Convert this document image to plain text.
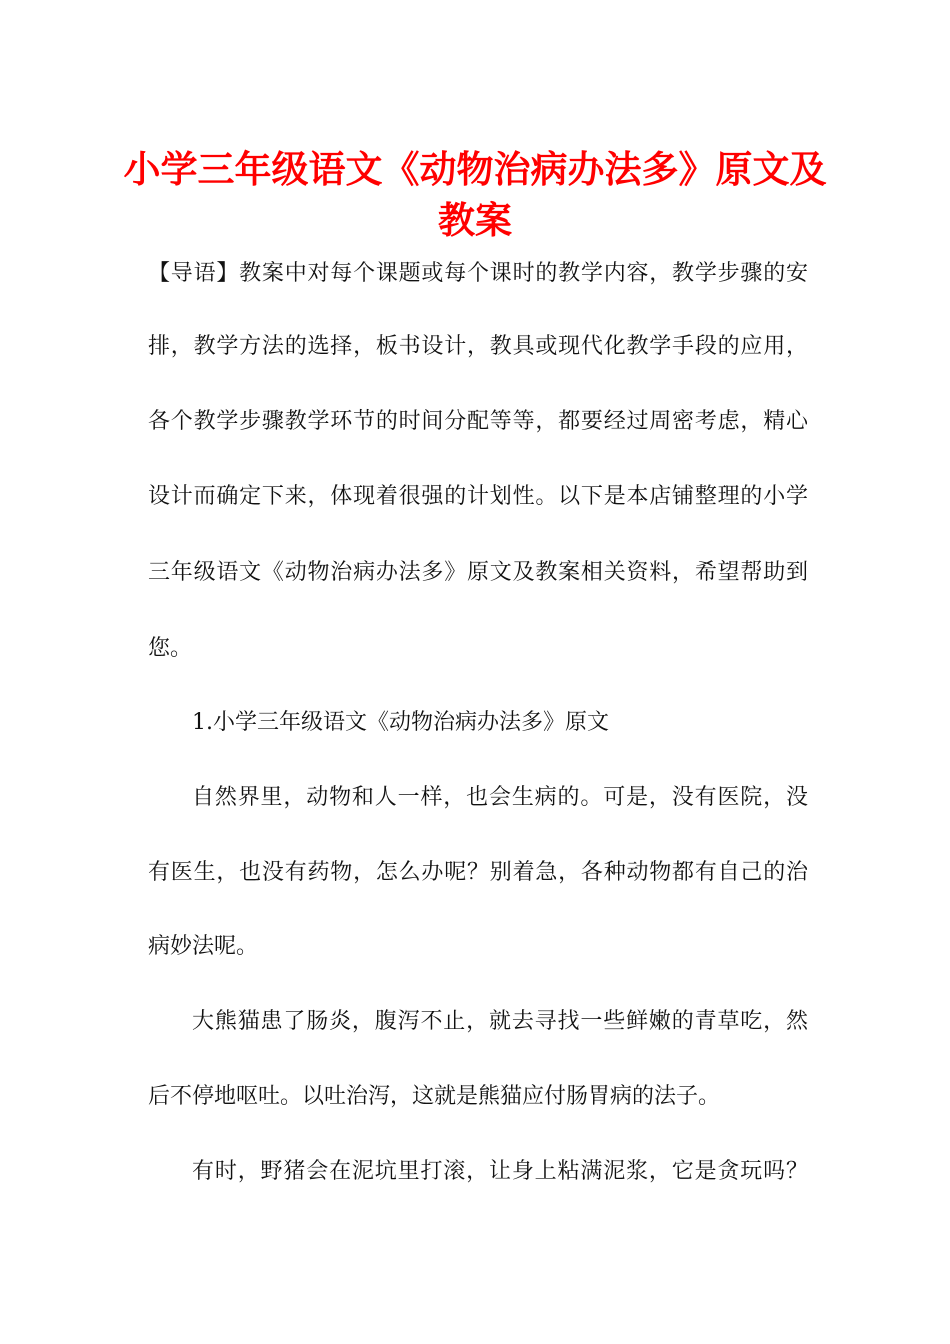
小学三年级语文《动物治病办法多》原文及
教案

【导语】教案中对每个课题或每个课时的教学内容，教学步骤的安

排，教学方法的选择，板书设计，教具或现代化教学手段的应用，

各个教学步骤教学环节的时间分配等等，都要经过周密考虑，精心

设计而确定下来，体现着很强的计划性。以下是本店铺整理的小学

三年级语文《动物治病办法多》原文及教案相关资料，希望帮助到

您。

1.小学三年级语文《动物治病办法多》原文

自然界里，动物和人一样，也会生病的。可是，没有医院，没

有医生，也没有药物，怎么办呢？别着急，各种动物都有自己的治

病妙法呢。

大熊猫患了肠炎，腹泻不止，就去寻找一些鲜嫩的青草吃，然

后不停地呕吐。以吐治泻，这就是熊猫应付肠胃病的法子。

有时，野猪会在泥坑里打滚，让身上粘满泥浆，它是贪玩吗？
